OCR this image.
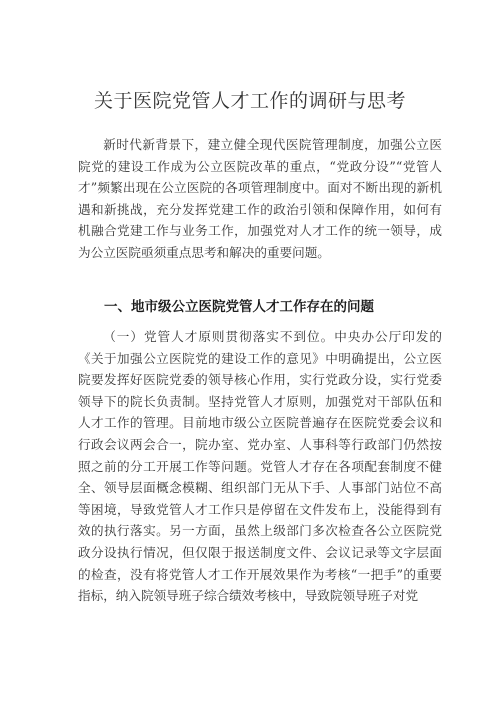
关于医院党管人才工作的调研与思考

新时代新背景下，建立健全现代医院管理制度，加强公立医院党的建设工作成为公立医院改革的重点，“党政分设”“党管人才”频繁出现在公立医院的各项管理制度中。面对不断出现的新机遇和新挑战，充分发挥党建工作的政治引领和保障作用，如何有机融合党建工作与业务工作，加强党对人才工作的统一领导，成为公立医院亟须重点思考和解决的重要问题。

一、地市级公立医院党管人才工作存在的问题

（一）党管人才原则贯彻落实不到位。中央办公厅印发的《关于加强公立医院党的建设工作的意见》中明确提出，公立医院要发挥好医院党委的领导核心作用，实行党政分设，实行党委领导下的院长负责制。坚持党管人才原则，加强党对干部队伍和人才工作的管理。目前地市级公立医院普遍存在医院党委会议和行政会议两会合一，院办室、党办室、人事科等行政部门仍然按照之前的分工开展工作等问题。党管人才存在各项配套制度不健全、领导层面概念模糊、组织部门无从下手、人事部门站位不高等困境，导致党管人才工作只是停留在文件发布上，没能得到有效的执行落实。另一方面，虽然上级部门多次检查各公立医院党政分设执行情况，但仅限于报送制度文件、会议记录等文字层面的检查，没有将党管人才工作开展效果作为考核“一把手”的重要指标，纳入院领导班子综合绩效考核中，导致院领导班子对党
